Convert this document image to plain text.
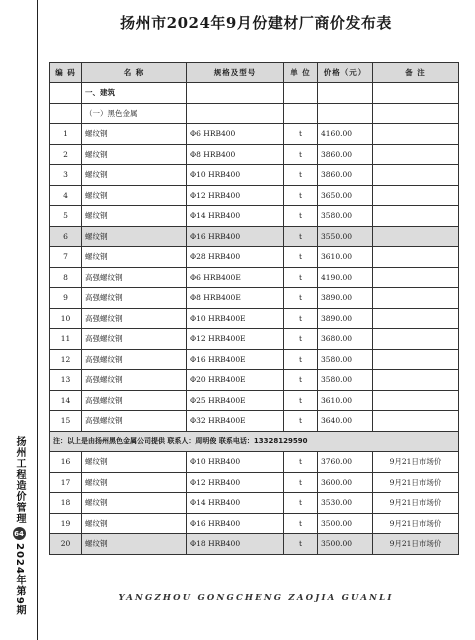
扬州工程造价管理
64
2024年第9期
扬州市2024年9月份建材厂商价发布表
编 码	名 称	规格及型号	单 位	价格（元）	备 注
	一、建筑				
	（一）黑色金属				
1	螺纹钢	Φ6 HRB400	t	4160.00	
2	螺纹钢	Φ8 HRB400	t	3860.00	
3	螺纹钢	Φ10 HRB400	t	3860.00	
4	螺纹钢	Φ12 HRB400	t	3650.00	
5	螺纹钢	Φ14 HRB400	t	3580.00	
6	螺纹钢	Φ16 HRB400	t	3550.00	
7	螺纹钢	Φ28 HRB400	t	3610.00	
8	高强螺纹钢	Φ6 HRB400E	t	4190.00	
9	高强螺纹钢	Φ8 HRB400E	t	3890.00	
10	高强螺纹钢	Φ10 HRB400E	t	3890.00	
11	高强螺纹钢	Φ12 HRB400E	t	3680.00	
12	高强螺纹钢	Φ16 HRB400E	t	3580.00	
13	高强螺纹钢	Φ20 HRB400E	t	3580.00	
14	高强螺纹钢	Φ25 HRB400E	t	3610.00	
15	高强螺纹钢	Φ32 HRB400E	t	3640.00	
注：以上是由扬州黑色金属公司提供 联系人：周明俊 联系电话：13328129590					
16	螺纹钢	Φ10 HRB400	t	3760.00	9月21日市场价
17	螺纹钢	Φ12 HRB400	t	3600.00	9月21日市场价
18	螺纹钢	Φ14 HRB400	t	3530.00	9月21日市场价
19	螺纹钢	Φ16 HRB400	t	3500.00	9月21日市场价
20	螺纹钢	Φ18 HRB400	t	3500.00	9月21日市场价
YANGZHOU GONGCHENG ZAOJIA GUANLI
